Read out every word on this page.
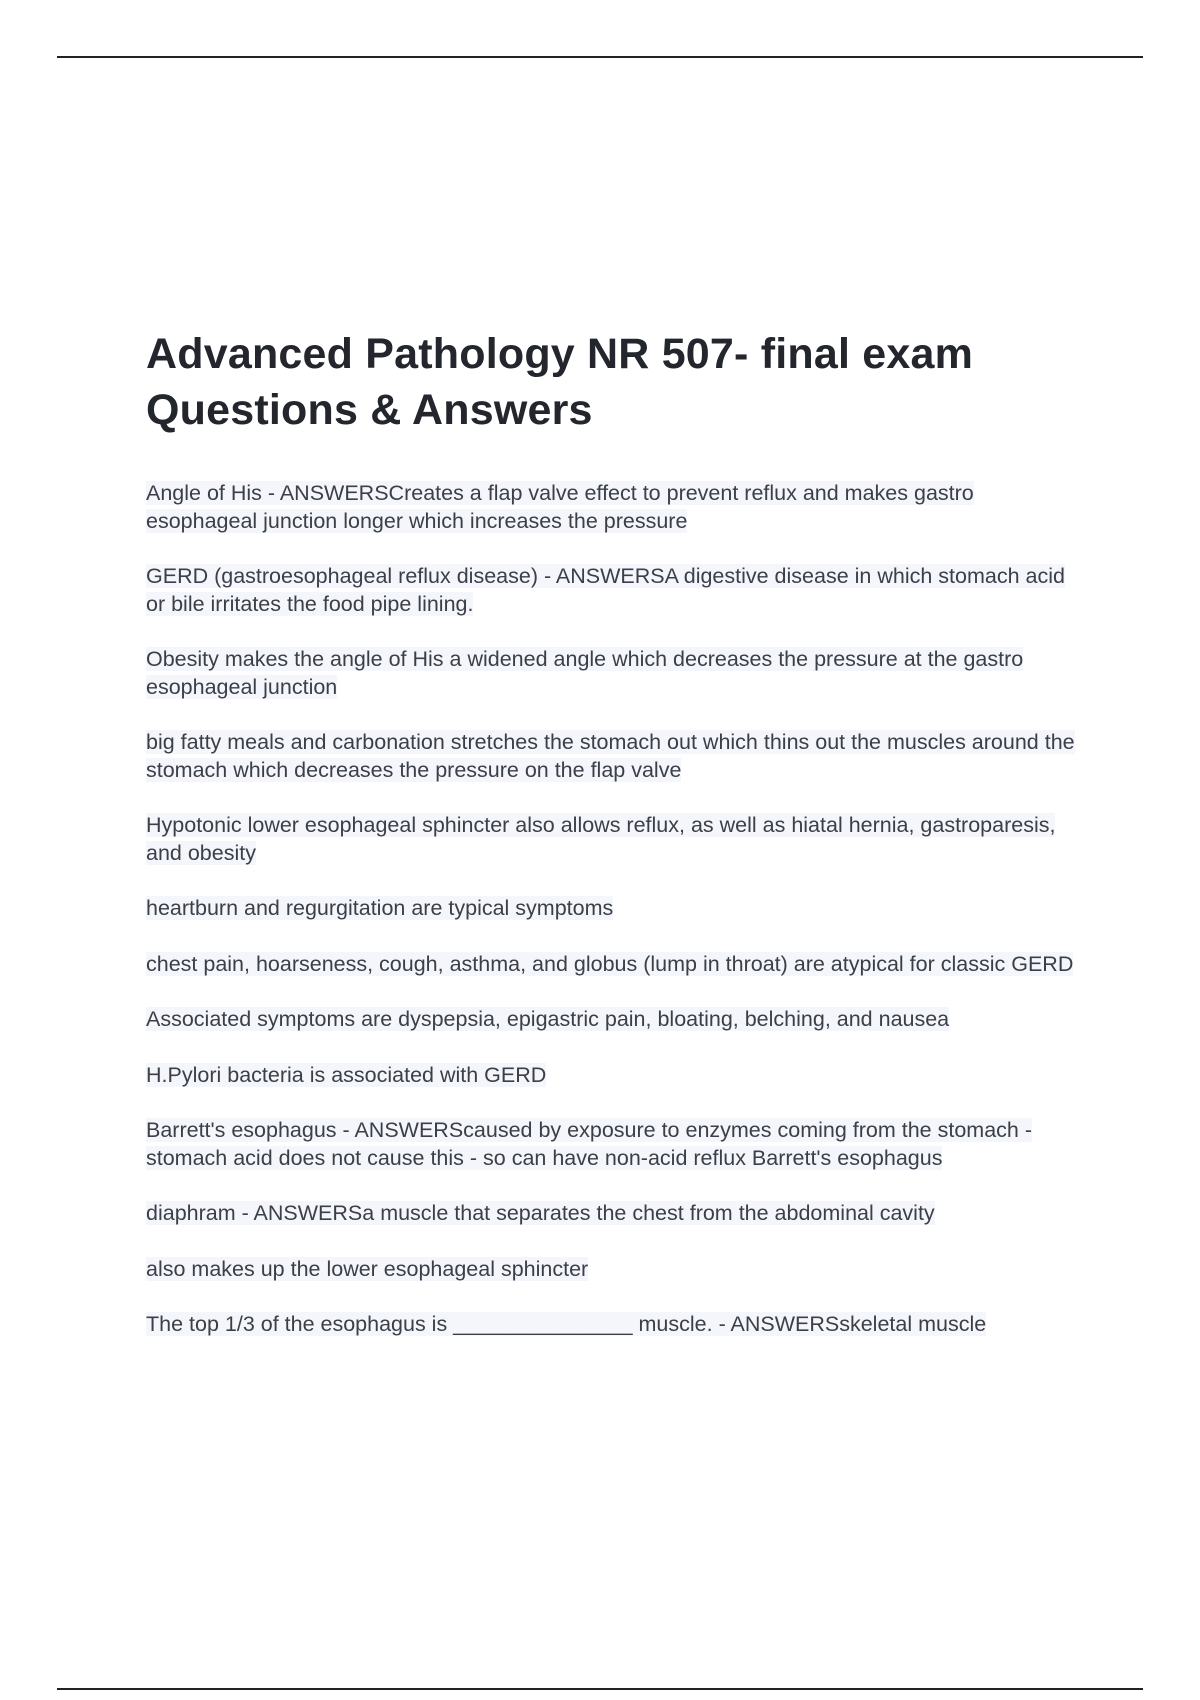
Advanced Pathology NR 507- final exam
Questions & Answers
Angle of His - ANSWERSCreates a flap valve effect to prevent reflux and makes gastro esophageal junction longer which increases the pressure
GERD (gastroesophageal reflux disease) - ANSWERSA digestive disease in which stomach acid or bile irritates the food pipe lining.
Obesity makes the angle of His a widened angle which decreases the pressure at the gastro esophageal junction
big fatty meals and carbonation stretches the stomach out which thins out the muscles around the stomach which decreases the pressure on the flap valve
Hypotonic lower esophageal sphincter also allows reflux, as well as hiatal hernia, gastroparesis, and obesity
heartburn and regurgitation are typical symptoms
chest pain, hoarseness, cough, asthma, and globus (lump in throat) are atypical for classic GERD
Associated symptoms are dyspepsia, epigastric pain, bloating, belching, and nausea
H.Pylori bacteria is associated with GERD
Barrett's esophagus - ANSWERScaused by exposure to enzymes coming from the stomach - stomach acid does not cause this - so can have non-acid reflux Barrett's esophagus
diaphram - ANSWERSa muscle that separates the chest from the abdominal cavity
also makes up the lower esophageal sphincter
The top 1/3 of the esophagus is _______________ muscle. - ANSWERSskeletal muscle
